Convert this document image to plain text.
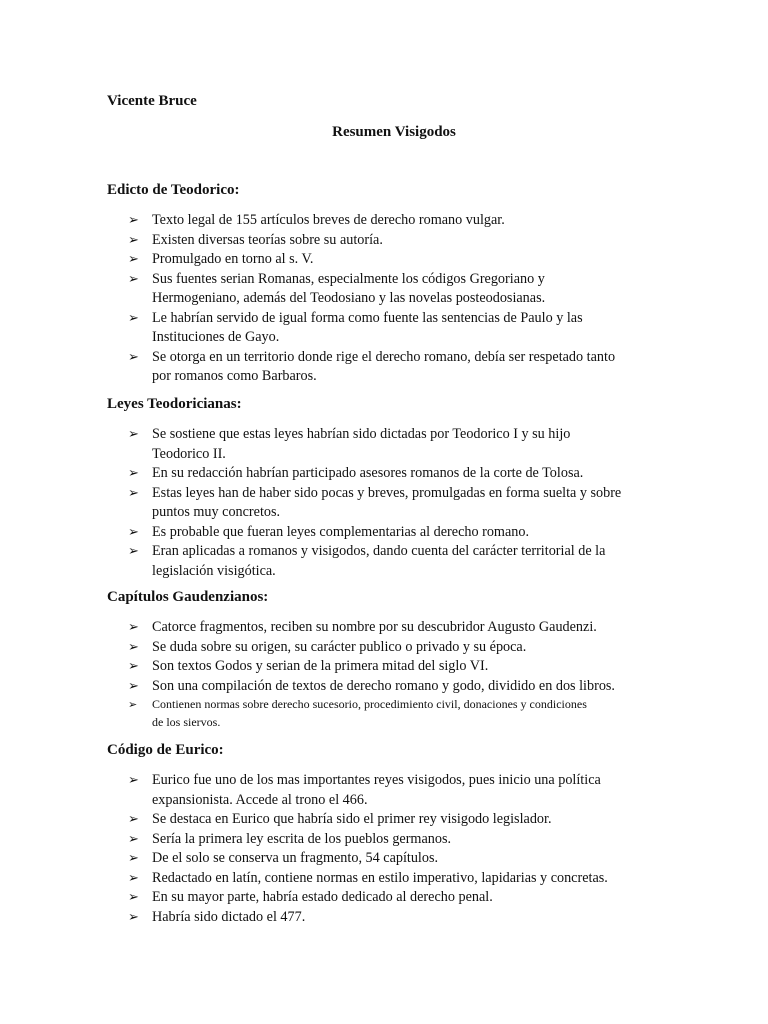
Vicente Bruce
Resumen Visigodos
Edicto de Teodorico:
➢ Texto legal de 155 artículos breves de derecho romano vulgar.
➢ Existen diversas teorías sobre su autoría.
➢ Promulgado en torno al s. V.
➢ Sus fuentes serian Romanas, especialmente los códigos Gregoriano y
Hermogeniano, además del Teodosiano y las novelas posteodosianas.
➢ Le habrían servido de igual forma como fuente las sentencias de Paulo y las
Instituciones de Gayo.
➢ Se otorga en un territorio donde rige el derecho romano, debía ser respetado tanto
por romanos como Barbaros.
Leyes Teodoricianas:
➢ Se sostiene que estas leyes habrían sido dictadas por Teodorico I y su hijo
Teodorico II.
➢ En su redacción habrían participado asesores romanos de la corte de Tolosa.
➢ Estas leyes han de haber sido pocas y breves, promulgadas en forma suelta y sobre
puntos muy concretos.
➢ Es probable que fueran leyes complementarias al derecho romano.
➢ Eran aplicadas a romanos y visigodos, dando cuenta del carácter territorial de la
legislación visigótica.
Capítulos Gaudenzianos:
➢ Catorce fragmentos, reciben su nombre por su descubridor Augusto Gaudenzi.
➢ Se duda sobre su origen, su carácter publico o privado y su época.
➢ Son textos Godos y serian de la primera mitad del siglo VI.
➢ Son una compilación de textos de derecho romano y godo, dividido en dos libros.
➢ Contienen normas sobre derecho sucesorio, procedimiento civil, donaciones y condiciones
de los siervos.
Código de Eurico:
➢ Eurico fue uno de los mas importantes reyes visigodos, pues inicio una política
expansionista. Accede al trono el 466.
➢ Se destaca en Eurico que habría sido el primer rey visigodo legislador.
➢ Sería la primera ley escrita de los pueblos germanos.
➢ De el solo se conserva un fragmento, 54 capítulos.
➢ Redactado en latín, contiene normas en estilo imperativo, lapidarias y concretas.
➢ En su mayor parte, habría estado dedicado al derecho penal.
➢ Habría sido dictado el 477.
